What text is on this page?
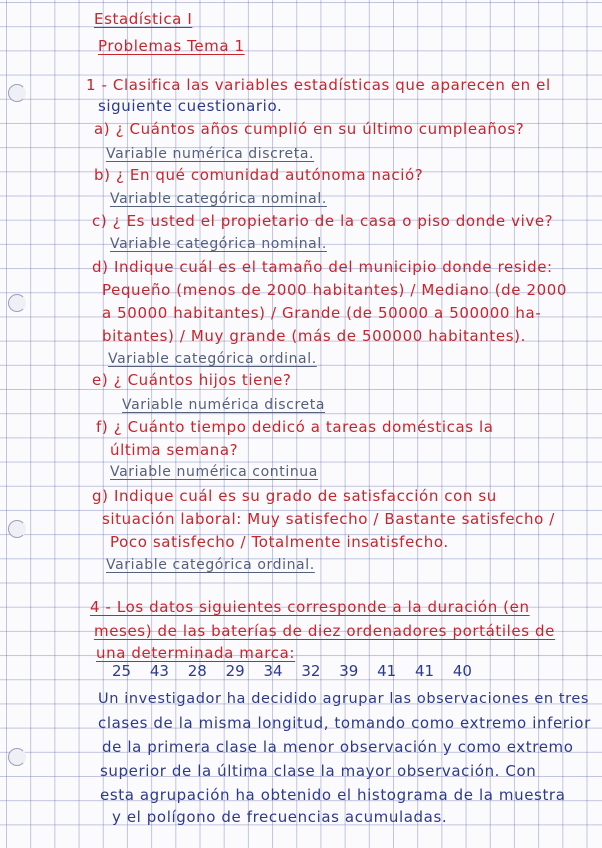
Estadística I
Problemas Tema 1
1 - Clasifica las variables estadísticas que aparecen en el
siguiente cuestionario.
a) ¿ Cuántos años cumplió en su último cumpleaños?
Variable numérica discreta.
b) ¿ En qué comunidad autónoma nació?
Variable categórica nominal.
c) ¿ Es usted el propietario de la casa o piso donde vive?
Variable categórica nominal.
d) Indique cuál es el tamaño del municipio donde reside:
Pequeño (menos de 2000 habitantes) / Mediano (de 2000
a 50000 habitantes) / Grande (de 50000 a 500000 ha-
bitantes) / Muy grande (más de 500000 habitantes).
Variable categórica ordinal.
e) ¿ Cuántos hijos tiene?
Variable numérica discreta
f) ¿ Cuánto tiempo dedicó a tareas domésticas la
última semana?
Variable numérica continua
g) Indique cuál es su grado de satisfacción con su
situación laboral: Muy satisfecho / Bastante satisfecho /
Poco satisfecho / Totalmente insatisfecho.
Variable categórica ordinal.
4 - Los datos siguientes corresponde a la duración (en
meses) de las baterías de diez ordenadores portátiles de
una determinada marca:
25 43 28 29 34 32 39 41 41 40
Un investigador ha decidido agrupar las observaciones en tres
clases de la misma longitud, tomando como extremo inferior
de la primera clase la menor observación y como extremo
superior de la última clase la mayor observación. Con
esta agrupación ha obtenido el histograma de la muestra
y el polígono de frecuencias acumuladas.
